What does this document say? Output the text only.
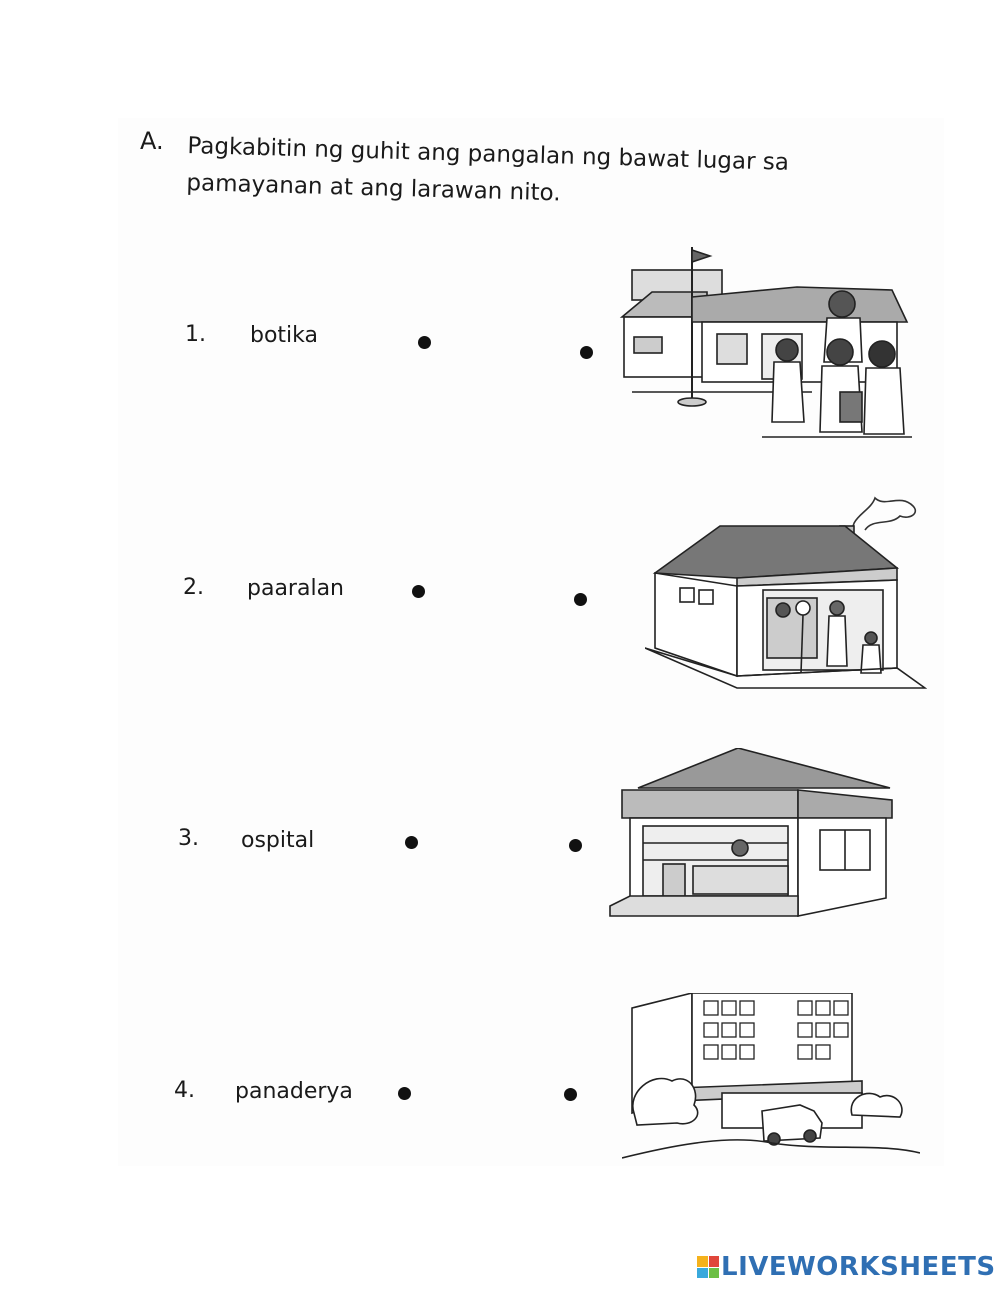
A. Pagkabitin ng guhit ang pangalan ng bawat lugar sa
pamayanan at ang larawan nito.
1. botika
2. paaralan
3. ospital
4. panaderya
LIVEWORKSHEETS
